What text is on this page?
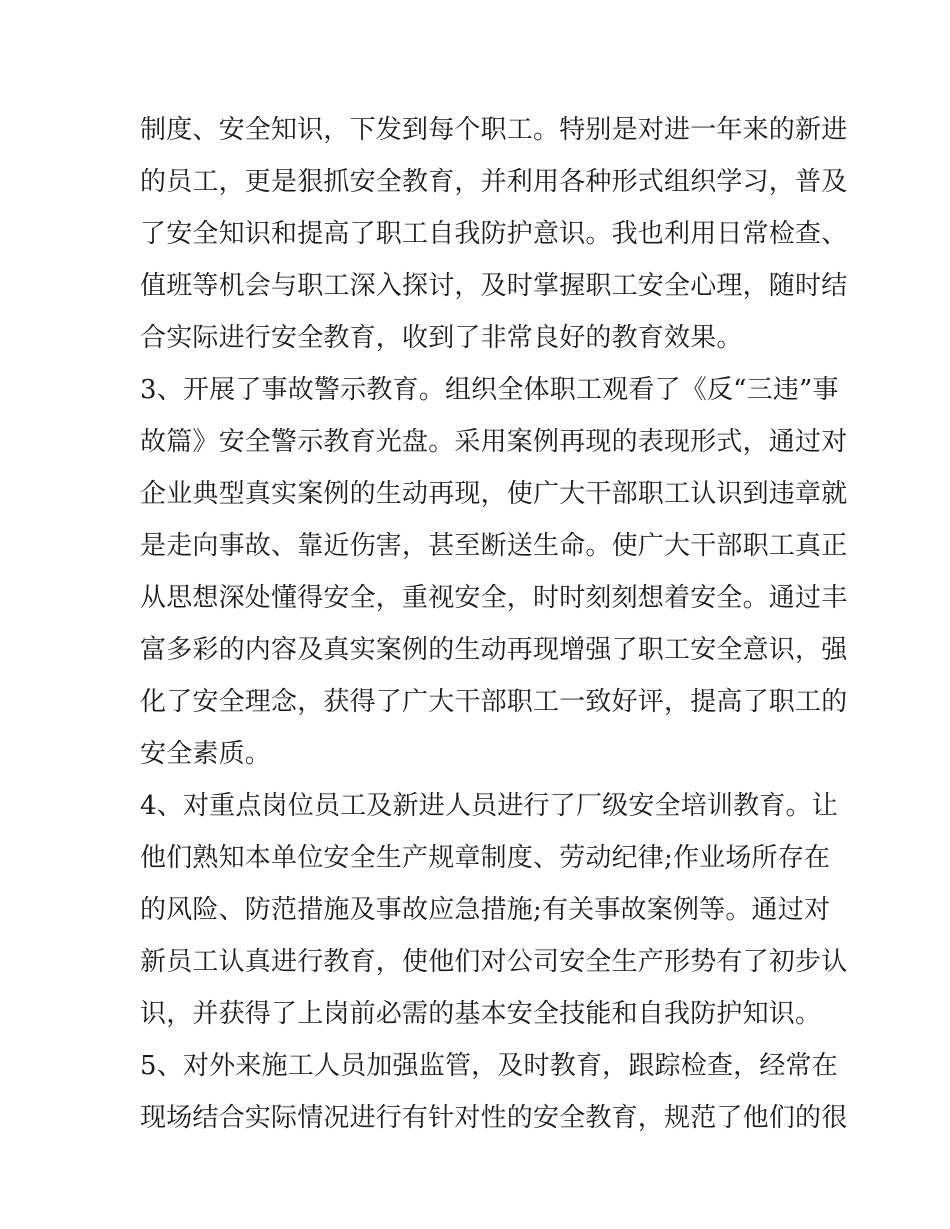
制度、安全知识，下发到每个职工。特别是对进一年来的新进
的员工，更是狠抓安全教育，并利用各种形式组织学习，普及
了安全知识和提高了职工自我防护意识。我也利用日常检查、
值班等机会与职工深入探讨，及时掌握职工安全心理，随时结
合实际进行安全教育，收到了非常良好的教育效果。
3、开展了事故警示教育。组织全体职工观看了《反“三违”事
故篇》安全警示教育光盘。采用案例再现的表现形式，通过对
企业典型真实案例的生动再现，使广大干部职工认识到违章就
是走向事故、靠近伤害，甚至断送生命。使广大干部职工真正
从思想深处懂得安全，重视安全，时时刻刻想着安全。通过丰
富多彩的内容及真实案例的生动再现增强了职工安全意识，强
化了安全理念，获得了广大干部职工一致好评，提高了职工的
安全素质。
4、对重点岗位员工及新进人员进行了厂级安全培训教育。让
他们熟知本单位安全生产规章制度、劳动纪律;作业场所存在
的风险、防范措施及事故应急措施;有关事故案例等。通过对
新员工认真进行教育，使他们对公司安全生产形势有了初步认
识，并获得了上岗前必需的基本安全技能和自我防护知识。
5、对外来施工人员加强监管，及时教育，跟踪检查，经常在
现场结合实际情况进行有针对性的安全教育，规范了他们的很
